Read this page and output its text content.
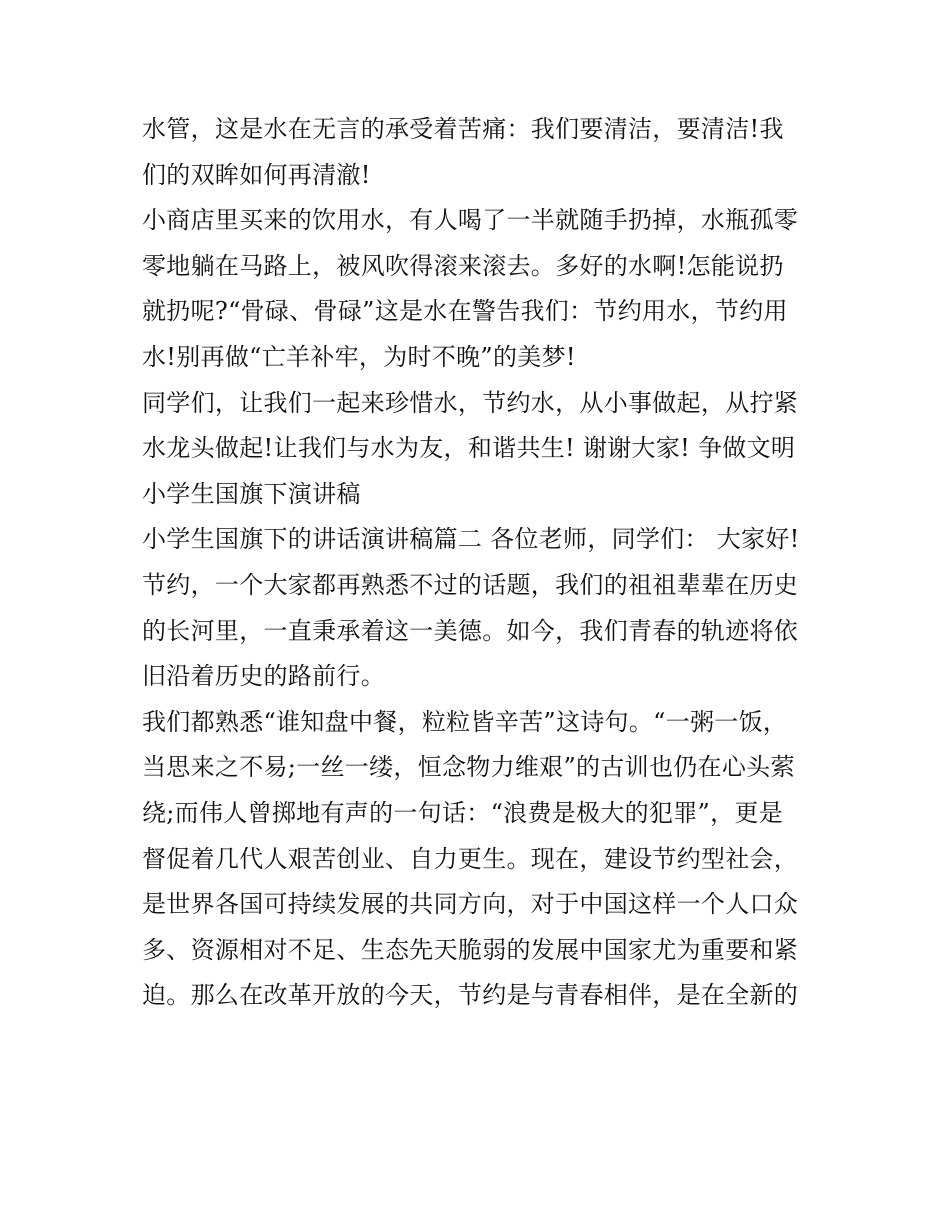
水管，这是水在无言的承受着苦痛：我们要清洁，要清洁!我
们的双眸如何再清澈!
小商店里买来的饮用水，有人喝了一半就随手扔掉，水瓶孤零
零地躺在马路上，被风吹得滚来滚去。多好的水啊!怎能说扔
就扔呢?“骨碌、骨碌”这是水在警告我们：节约用水，节约用
水!别再做“亡羊补牢，为时不晚”的美梦!
同学们，让我们一起来珍惜水，节约水，从小事做起，从拧紧
水龙头做起!让我们与水为友，和谐共生! 谢谢大家! 争做文明
小学生国旗下演讲稿
小学生国旗下的讲话演讲稿篇二 各位老师，同学们： 大家好!
节约，一个大家都再熟悉不过的话题，我们的祖祖辈辈在历史
的长河里，一直秉承着这一美德。如今，我们青春的轨迹将依
旧沿着历史的路前行。
我们都熟悉“谁知盘中餐，粒粒皆辛苦”这诗句。“一粥一饭，
当思来之不易;一丝一缕，恒念物力维艰”的古训也仍在心头萦
绕;而伟人曾掷地有声的一句话：“浪费是极大的犯罪”，更是
督促着几代人艰苦创业、自力更生。现在，建设节约型社会，
是世界各国可持续发展的共同方向，对于中国这样一个人口众
多、资源相对不足、生态先天脆弱的发展中国家尤为重要和紧
迫。那么在改革开放的今天，节约是与青春相伴，是在全新的
